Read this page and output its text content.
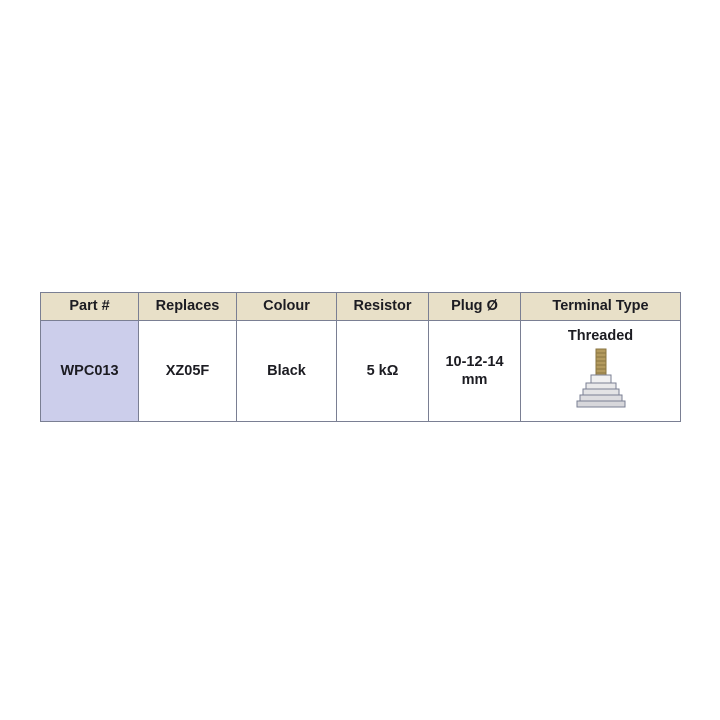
Part #	Replaces	Colour	Resistor	Plug Ø	Terminal Type
WPC013	XZ05F	Black	5 kΩ	10-12-14 mm	Threaded
